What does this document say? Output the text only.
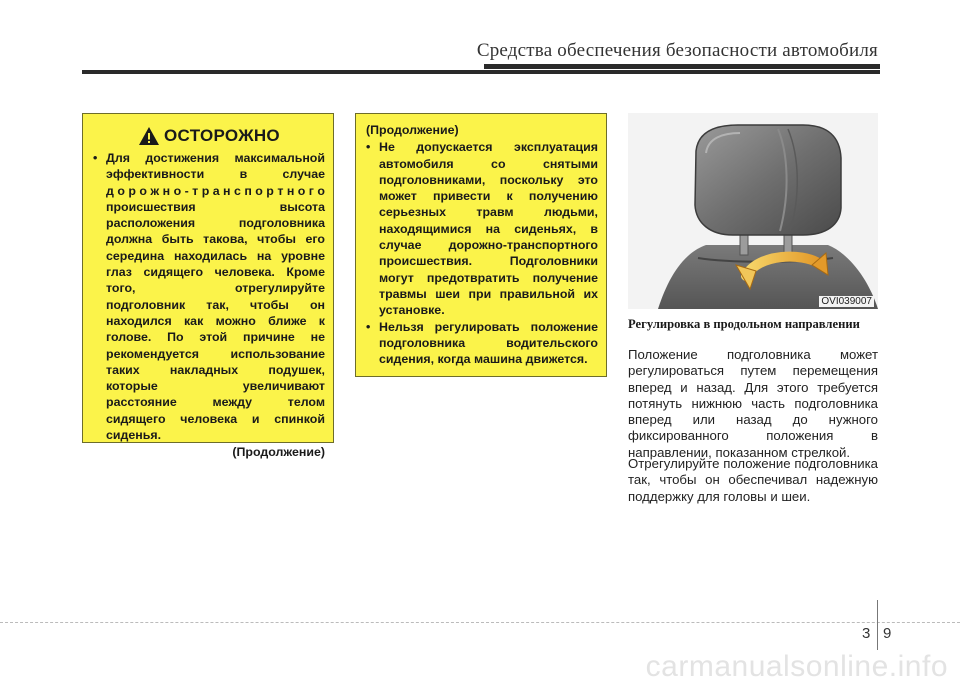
Средства обеспечения безопасности автомобиля
ОСТОРОЖНО
• Для достижения максимальной
эффективности в случае
д о р о ж н о - т р а н с п о р т н о г о
происшествия высота
расположения подголовника
должна быть такова, чтобы его
середина находилась на уровне
глаз сидящего человека. Кроме
того, отрегулируйте
подголовник так, чтобы он
находился как можно ближе к
голове. По этой причине не
рекомендуется использование
таких накладных подушек,
которые увеличивают
расстояние между телом
сидящего человека и спинкой
сиденья.
(Продолжение)
(Продолжение)
• Не допускается эксплуатация автомобиля со снятыми подголовниками, поскольку это может привести к получению серьезных травм людьми, находящимися на сиденьях, в случае дорожно-транспортного происшествия. Подголовники могут предотвратить получение травмы шеи при правильной их установке.
• Нельзя регулировать положение подголовника водительского сидения, когда машина движется.
OVI039007
Регулировка в продольном направлении
Положение подголовника может регулироваться путем перемещения вперед и назад. Для этого требуется потянуть нижнюю часть подголовника вперед или назад до нужного фиксированного положения в направлении, показанном стрелкой.
Отрегулируйте положение подголовника так, чтобы он обеспечивал надежную поддержку для головы и шеи.
3 9
carmanualsonline.info
